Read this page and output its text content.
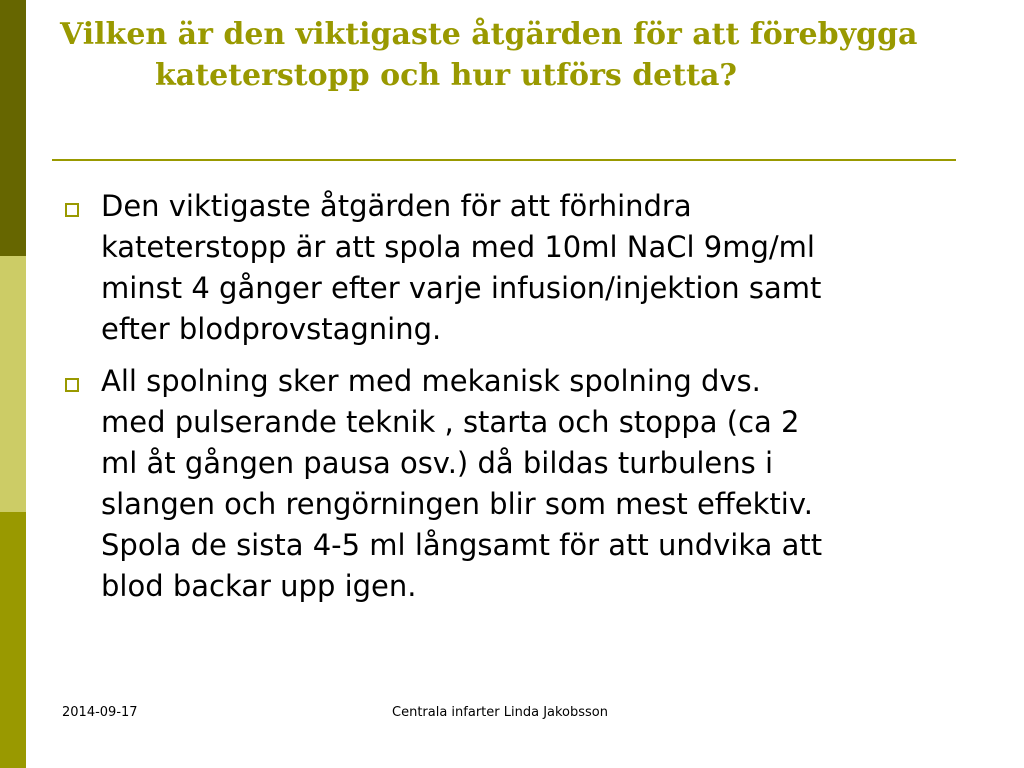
Vilken är den viktigaste åtgärden för att förebygga
kateterstopp och hur utförs detta?
Den viktigaste åtgärden för att förhindra
kateterstopp är att spola med 10ml NaCl 9mg/ml
minst 4 gånger efter varje infusion/injektion samt
efter blodprovstagning.
All spolning sker med mekanisk spolning dvs.
med pulserande teknik , starta och stoppa (ca 2
ml åt gången pausa osv.) då bildas turbulens i
slangen och rengörningen blir som mest effektiv.
Spola de sista 4-5 ml långsamt för att undvika att
blod backar upp igen.
2014-09-17	Centrala infarter Linda Jakobsson
